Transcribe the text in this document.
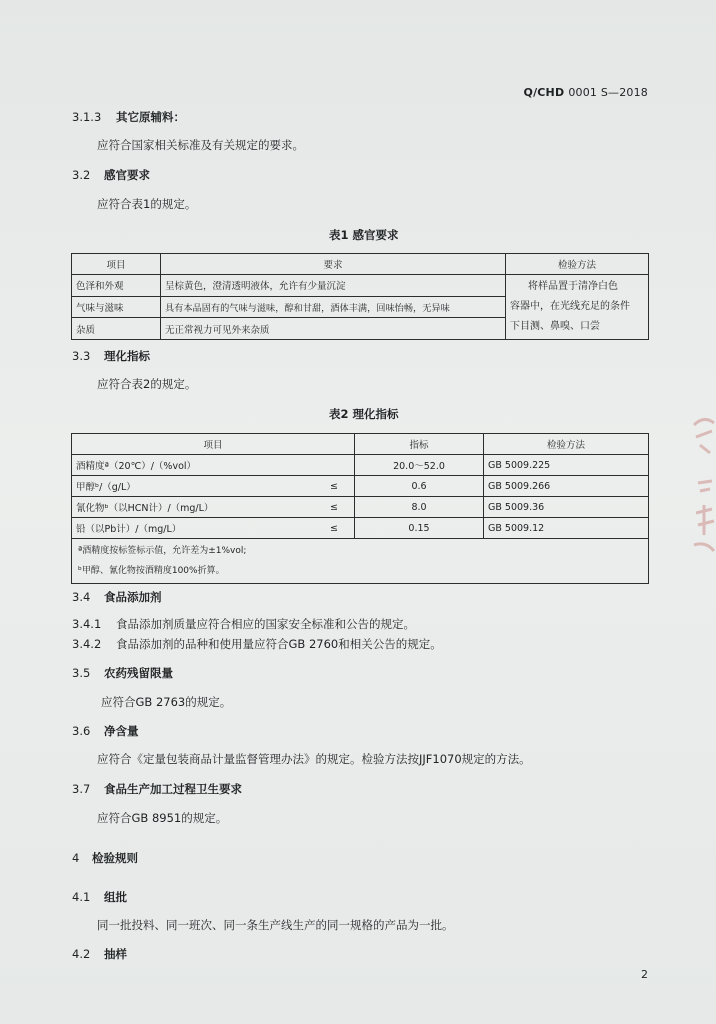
Q/CHD 0001 S—2018
3.1.3 其它原辅料：
应符合国家相关标准及有关规定的要求。
3.2 感官要求
应符合表1的规定。
表1 感官要求
项目	要求	检验方法
色泽和外观	呈棕黄色，澄清透明液体，允许有少量沉淀	将样品置于清净白色
容器中，在光线充足的条件
下目测、鼻嗅、口尝

气味与滋味	具有本品固有的气味与滋味，醇和甘甜，酒体丰满，回味怡畅，无异味	
杂质	无正常视力可见外来杂质	
3.3 理化指标
应符合表2的规定。
表2 理化指标
项目		指标	检验方法
酒精度ª（20℃）/（%vol）		20.0～52.0	GB 5009.225
甲醇ᵇ/（g/L）	≤	0.6	GB 5009.266
氰化物ᵇ（以HCN计）/（mg/L）	≤	8.0	GB 5009.36
铅（以Pb计）/（mg/L）	≤	0.15	GB 5009.12

ª酒精度按标签标示值，允许差为±1%vol;
ᵇ甲醇、氰化物按酒精度100%折算。			
3.4 食品添加剂
3.4.1 食品添加剂质量应符合相应的国家安全标准和公告的规定。
3.4.2 食品添加剂的品种和使用量应符合GB 2760和相关公告的规定。
3.5 农药残留限量
应符合GB 2763的规定。
3.6 净含量
应符合《定量包装商品计量监督管理办法》的规定。检验方法按JJF1070规定的方法。
3.7 食品生产加工过程卫生要求
应符合GB 8951的规定。
4 检验规则
4.1 组批
同一批投料、同一班次、同一条生产线生产的同一规格的产品为一批。
4.2 抽样
2
